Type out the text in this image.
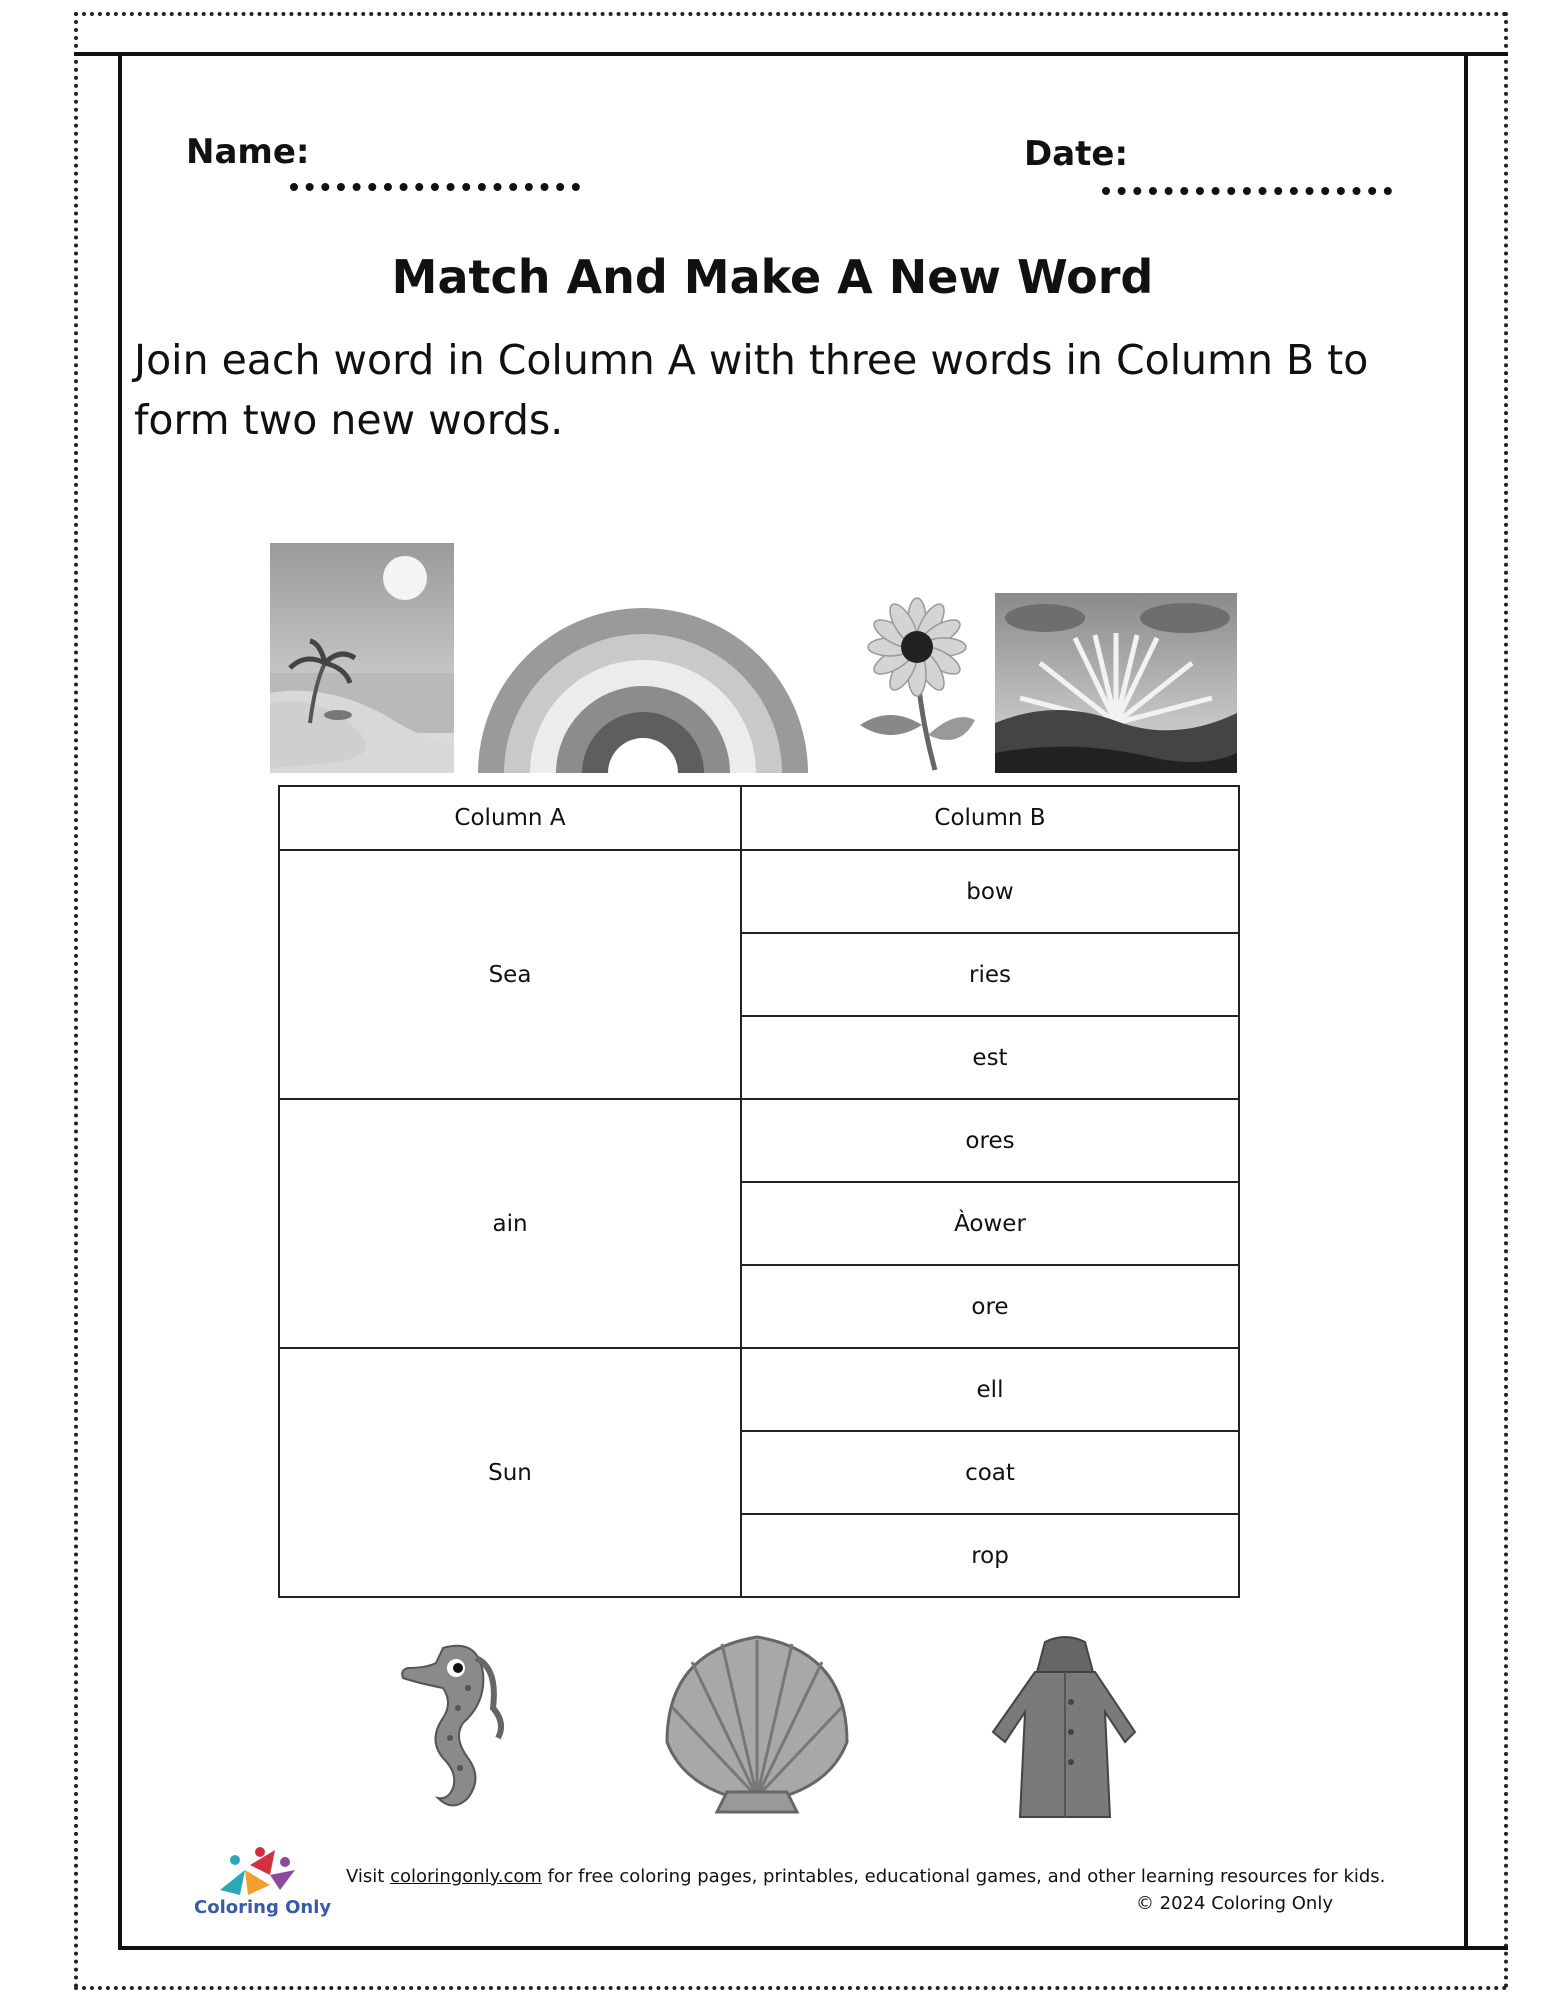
Name:	Date:
Match And Make A New Word
Join each word in Column A with three words in Column B to form two new words.
Column A	Column B
Sea	bow
	ries
	est
ain	ores
	Àower
	ore
Sun	ell
	coat
	rop
Coloring Only
Visit coloringonly.com for free coloring pages, printables, educational games, and other learning resources for kids.
© 2024 Coloring Only
